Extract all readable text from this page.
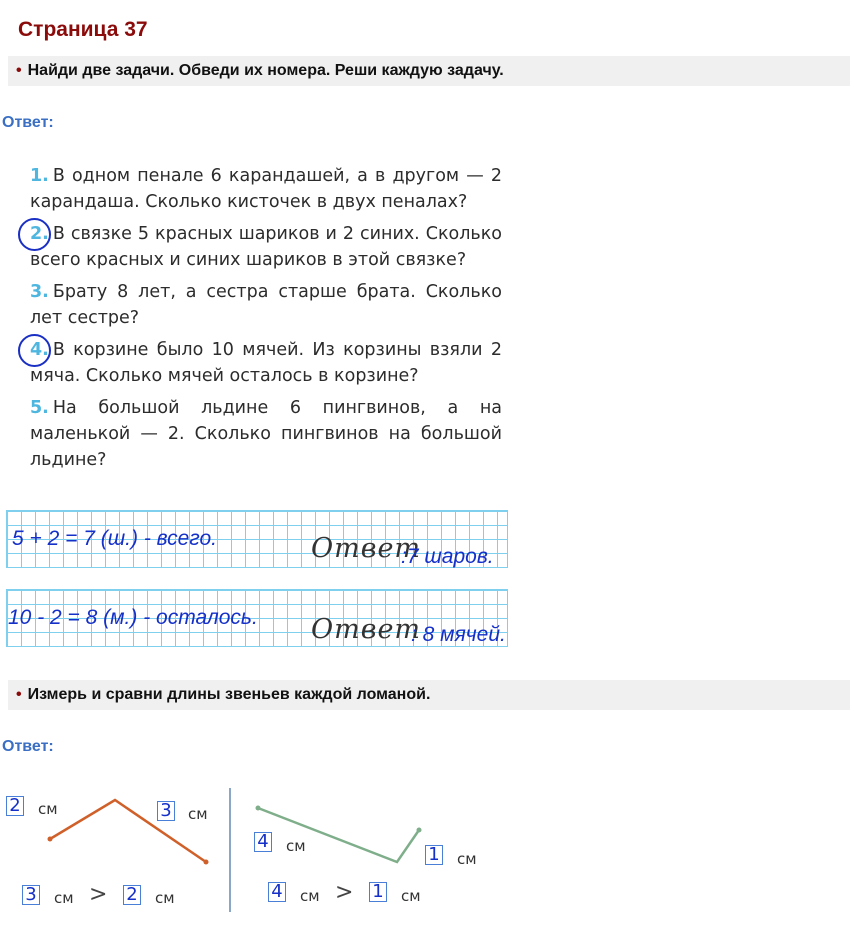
Страница 37
• Найди две задачи. Обведи их номера. Реши каждую задачу.
Ответ:
1. В одном пенале 6 карандашей, а в другом — 2 карандаша. Сколько кисточек в двух пеналах?
2. В связке 5 красных шариков и 2 синих. Сколько всего красных и синих шариков в этой связке?
3. Брату 8 лет, а сестра старше брата. Сколько лет сестре?
4. В корзине было 10 мячей. Из корзины взяли 2 мяча. Сколько мячей осталось в корзине?
5. На большой льдине 6 пингвинов, а на маленькой — 2. Сколько пингвинов на большой льдине?
5 + 2 = 7 (ш.) - всего.	Ответ
:7 шаров.
10 - 2 = 8 (м.) - осталось. Ответ
: 8 мячей.
• Измерь и сравни длины звеньев каждой ломаной.
Ответ:
2 см	3 см
3 см > 2 см
4 см	1 см
4 см > 1 см
